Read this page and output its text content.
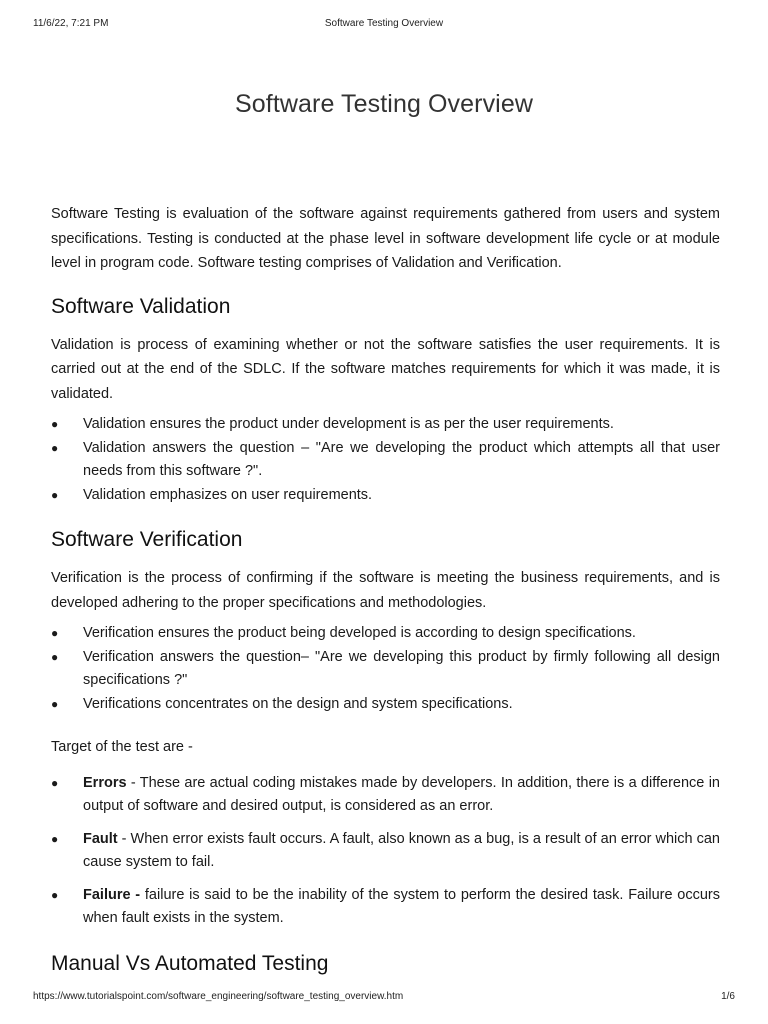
11/6/22, 7:21 PM	Software Testing Overview
Software Testing Overview

Software Testing is evaluation of the software against requirements gathered from users and system specifications. Testing is conducted at the phase level in software development life cycle or at module level in program code. Software testing comprises of Validation and Verification.

Software Validation

Validation is process of examining whether or not the software satisfies the user requirements. It is carried out at the end of the SDLC. If the software matches requirements for which it was made, it is validated.

● Validation ensures the product under development is as per the user requirements.
● Validation answers the question – "Are we developing the product which attempts all that user needs from this software ?".
● Validation emphasizes on user requirements.
Software Verification

Verification is the process of confirming if the software is meeting the business requirements, and is developed adhering to the proper specifications and methodologies.

● Verification ensures the product being developed is according to design specifications.
● Verification answers the question– "Are we developing this product by firmly following all design specifications ?"
● Verifications concentrates on the design and system specifications.

Target of the test are -

● Errors - These are actual coding mistakes made by developers. In addition, there is a difference in output of software and desired output, is considered as an error.
● Fault - When error exists fault occurs. A fault, also known as a bug, is a result of an error which can cause system to fail.
● Failure - failure is said to be the inability of the system to perform the desired task. Failure occurs when fault exists in the system.
Manual Vs Automated Testing
https://www.tutorialspoint.com/software_engineering/software_testing_overview.htm	1/6
